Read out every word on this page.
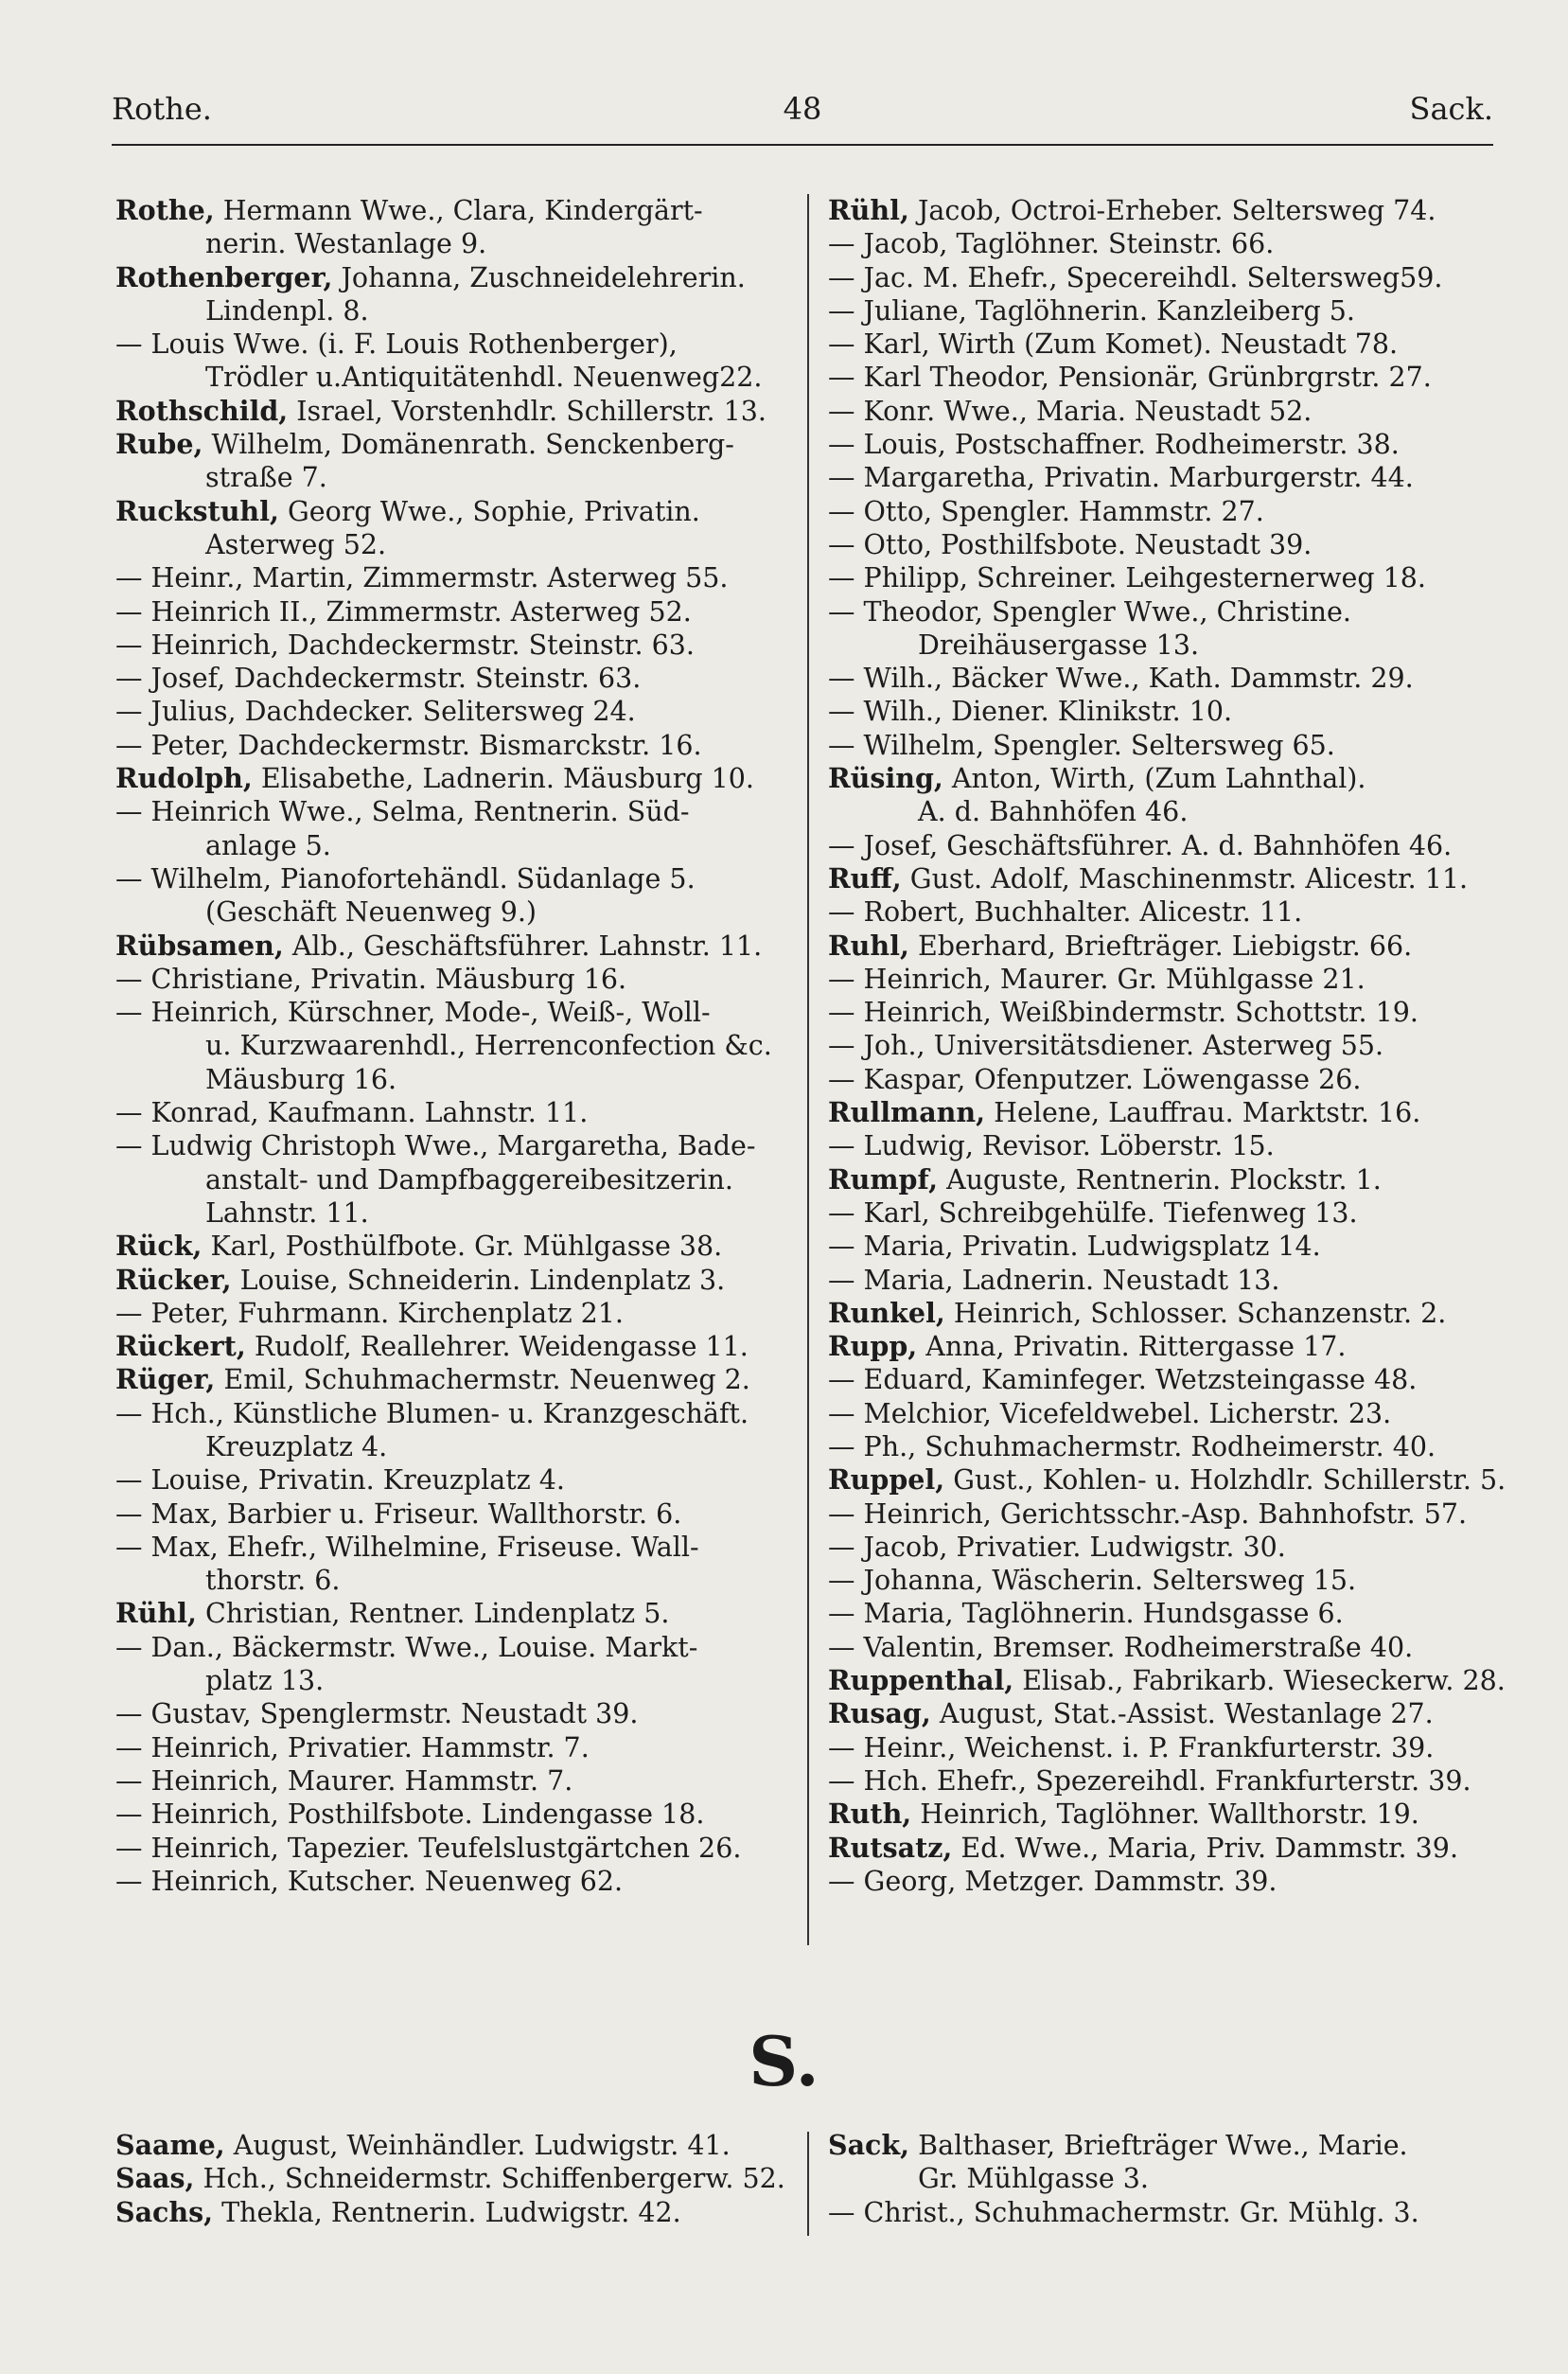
Rothe.	48	Sack.
Rothe, Hermann Wwe., Clara, Kindergärt-
nerin. Westanlage 9.
Rothenberger, Johanna, Zuschneidelehrerin.
Lindenpl. 8.
— Louis Wwe. (i. F. Louis Rothenberger),
Trödler u.Antiquitätenhdl. Neuenweg22.
Rothschild, Israel, Vorstenhdlr. Schillerstr. 13.
Rube, Wilhelm, Domänenrath. Senckenberg-
straße 7.
Ruckstuhl, Georg Wwe., Sophie, Privatin.
Asterweg 52.
— Heinr., Martin, Zimmermstr. Asterweg 55.
— Heinrich II., Zimmermstr. Asterweg 52.
— Heinrich, Dachdeckermstr. Steinstr. 63.
— Josef, Dachdeckermstr. Steinstr. 63.
— Julius, Dachdecker. Selitersweg 24.
— Peter, Dachdeckermstr. Bismarckstr. 16.
Rudolph, Elisabethe, Ladnerin. Mäusburg 10.
— Heinrich Wwe., Selma, Rentnerin. Süd-
anlage 5.
— Wilhelm, Pianofortehändl. Südanlage 5.
(Geschäft Neuenweg 9.)
Rübsamen, Alb., Geschäftsführer. Lahnstr. 11.
— Christiane, Privatin. Mäusburg 16.
— Heinrich, Kürschner, Mode-, Weiß-, Woll-
u. Kurzwaarenhdl., Herrenconfection &c.
Mäusburg 16.
— Konrad, Kaufmann. Lahnstr. 11.
— Ludwig Christoph Wwe., Margaretha, Bade-
anstalt- und Dampfbaggereibesitzerin.
Lahnstr. 11.
Rück, Karl, Posthülfbote. Gr. Mühlgasse 38.
Rücker, Louise, Schneiderin. Lindenplatz 3.
— Peter, Fuhrmann. Kirchenplatz 21.
Rückert, Rudolf, Reallehrer. Weidengasse 11.
Rüger, Emil, Schuhmachermstr. Neuenweg 2.
— Hch., Künstliche Blumen- u. Kranzgeschäft.
Kreuzplatz 4.
— Louise, Privatin. Kreuzplatz 4.
— Max, Barbier u. Friseur. Wallthorstr. 6.
— Max, Ehefr., Wilhelmine, Friseuse. Wall-
thorstr. 6.
Rühl, Christian, Rentner. Lindenplatz 5.
— Dan., Bäckermstr. Wwe., Louise. Markt-
platz 13.
— Gustav, Spenglermstr. Neustadt 39.
— Heinrich, Privatier. Hammstr. 7.
— Heinrich, Maurer. Hammstr. 7.
— Heinrich, Posthilfsbote. Lindengasse 18.
— Heinrich, Tapezier. Teufelslustgärtchen 26.
— Heinrich, Kutscher. Neuenweg 62.
Rühl, Jacob, Octroi-Erheber. Seltersweg 74.
— Jacob, Taglöhner. Steinstr. 66.
— Jac. M. Ehefr., Specereihdl. Seltersweg59.
— Juliane, Taglöhnerin. Kanzleiberg 5.
— Karl, Wirth (Zum Komet). Neustadt 78.
— Karl Theodor, Pensionär, Grünbrgrstr. 27.
— Konr. Wwe., Maria. Neustadt 52.
— Louis, Postschaffner. Rodheimerstr. 38.
— Margaretha, Privatin. Marburgerstr. 44.
— Otto, Spengler. Hammstr. 27.
— Otto, Posthilfsbote. Neustadt 39.
— Philipp, Schreiner. Leihgesternerweg 18.
— Theodor, Spengler Wwe., Christine.
Dreihäusergasse 13.
— Wilh., Bäcker Wwe., Kath. Dammstr. 29.
— Wilh., Diener. Klinikstr. 10.
— Wilhelm, Spengler. Seltersweg 65.
Rüsing, Anton, Wirth, (Zum Lahnthal).
A. d. Bahnhöfen 46.
— Josef, Geschäftsführer. A. d. Bahnhöfen 46.
Ruff, Gust. Adolf, Maschinenmstr. Alicestr. 11.
— Robert, Buchhalter. Alicestr. 11.
Ruhl, Eberhard, Briefträger. Liebigstr. 66.
— Heinrich, Maurer. Gr. Mühlgasse 21.
— Heinrich, Weißbindermstr. Schottstr. 19.
— Joh., Universitätsdiener. Asterweg 55.
— Kaspar, Ofenputzer. Löwengasse 26.
Rullmann, Helene, Lauffrau. Marktstr. 16.
— Ludwig, Revisor. Löberstr. 15.
Rumpf, Auguste, Rentnerin. Plockstr. 1.
— Karl, Schreibgehülfe. Tiefenweg 13.
— Maria, Privatin. Ludwigsplatz 14.
— Maria, Ladnerin. Neustadt 13.
Runkel, Heinrich, Schlosser. Schanzenstr. 2.
Rupp, Anna, Privatin. Rittergasse 17.
— Eduard, Kaminfeger. Wetzsteingasse 48.
— Melchior, Vicefeldwebel. Licherstr. 23.
— Ph., Schuhmachermstr. Rodheimerstr. 40.
Ruppel, Gust., Kohlen- u. Holzhdlr. Schillerstr. 5.
— Heinrich, Gerichtsschr.-Asp. Bahnhofstr. 57.
— Jacob, Privatier. Ludwigstr. 30.
— Johanna, Wäscherin. Seltersweg 15.
— Maria, Taglöhnerin. Hundsgasse 6.
— Valentin, Bremser. Rodheimerstraße 40.
Ruppenthal, Elisab., Fabrikarb. Wieseckerw. 28.
Rusag, August, Stat.-Assist. Westanlage 27.
— Heinr., Weichenst. i. P. Frankfurterstr. 39.
— Hch. Ehefr., Spezereihdl. Frankfurterstr. 39.
Ruth, Heinrich, Taglöhner. Wallthorstr. 19.
Rutsatz, Ed. Wwe., Maria, Priv. Dammstr. 39.
— Georg, Metzger. Dammstr. 39.
S.
Saame, August, Weinhändler. Ludwigstr. 41.
Saas, Hch., Schneidermstr. Schiffenbergerw. 52.
Sachs, Thekla, Rentnerin. Ludwigstr. 42.
Sack, Balthaser, Briefträger Wwe., Marie.
Gr. Mühlgasse 3.
— Christ., Schuhmachermstr. Gr. Mühlg. 3.
